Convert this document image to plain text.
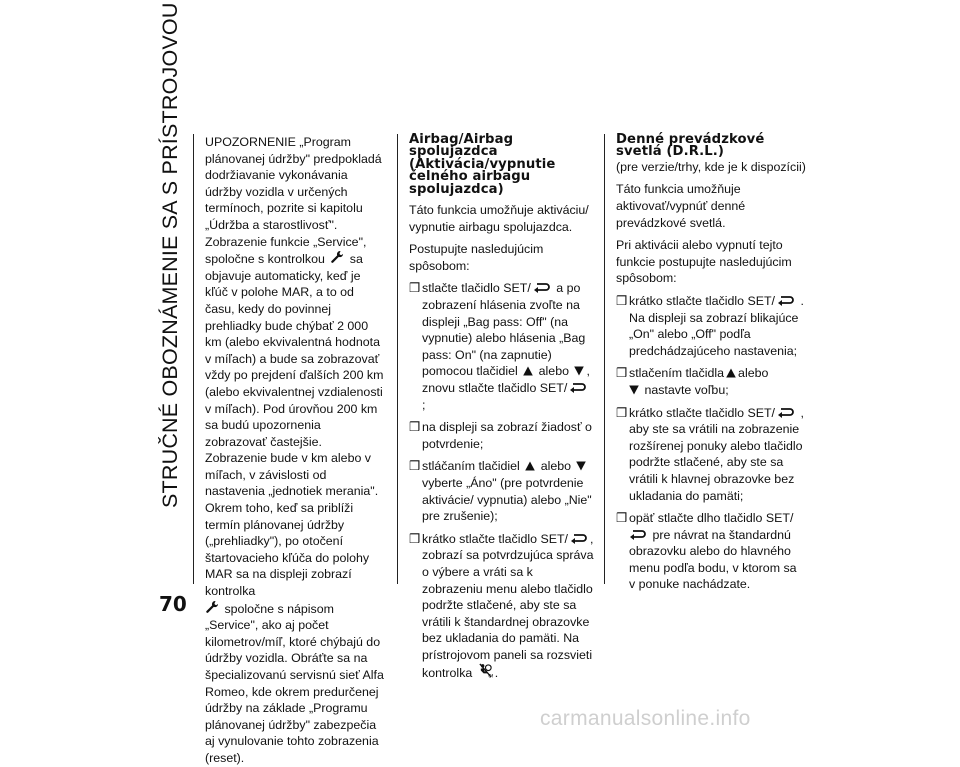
STRUČNÉ OBOZNÁMENIE SA S PRÍSTROJOVOU
70

UPOZORNENIE „Program plánovanej údržby" predpokladá dodržiavanie vykonávania údržby vozidla v určených termínoch, pozrite si kapitolu „Údržba a starostlivosť". Zobrazenie funkcie „Service", spoločne s kontrolkou sa objavuje automaticky, keď je kľúč v polohe MAR, a to od času, kedy do povinnej prehliadky bude chýbať 2 000 km (alebo ekvivalentná hodnota v míľach) a bude sa zobrazovať vždy po prejdení ďalších 200 km (alebo ekvivalentnej vzdialenosti v míľach). Pod úrovňou 200 km sa budú upozornenia zobrazovať častejšie. Zobrazenie bude v km alebo v míľach, v závislosti od nastavenia „jednotiek merania". Okrem toho, keď sa priblíži termín plánovanej údržby („prehliadky"), po otočení štartovacieho kľúča do polohy MAR sa na displeji zobrazí kontrolka
spoločne s nápisom „Service", ako aj počet kilometrov/míľ, ktoré chýbajú do údržby vozidla. Obráťte sa na špecializovanú servisnú sieť Alfa Romeo, kde okrem predurčenej údržby na základe „Programu plánovanej údržby" zabezpečia aj vynulovanie tohto zobrazenia (reset).

Airbag/Airbag
spolujazdca
(Aktivácia/vypnutie
čelného airbagu
spolujazdca)

Táto funkcia umožňuje aktiváciu/ vypnutie airbagu spolujazdca.

Postupujte nasledujúcim spôsobom:

❒ stlačte tlačidlo SET/ a po zobrazení hlásenia zvoľte na displeji „Bag pass: Off" (na vypnutie) alebo hlásenia „Bag pass: On" (na zapnutie) pomocou tlačidiel alebo , znovu stlačte tlačidlo SET/ ;
❒ na displeji sa zobrazí žiadosť o potvrdenie;
❒ stláčaním tlačidiel alebo  vyberte „Áno" (pre potvrdenie aktivácie/ vypnutia) alebo „Nie" pre zrušenie);
❒ krátko stlačte tlačidlo SET/ , zobrazí sa potvrdzujúca správa o výbere a vráti sa k zobrazeniu menu alebo tlačidlo podržte stlačené, aby ste sa vrátili k štandardnej obrazovke bez ukladania do pamäti. Na prístrojovom paneli sa rozsvieti kontrolka .
Denné prevádzkové
svetlá (D.R.L.)

(pre verzie/trhy, kde je k dispozícii)

Táto funkcia umožňuje aktivovať/vypnúť denné prevádzkové svetlá.

Pri aktivácii alebo vypnutí tejto funkcie postupujte nasledujúcim spôsobom:

❒ krátko stlačte tlačidlo SET/ . Na displeji sa zobrazí blikajúce „On" alebo „Off" podľa predchádzajúceho nastavenia;
❒ stlačením tlačidla alebo
nastavte voľbu;
❒ krátko stlačte tlačidlo SET/ , aby ste sa vrátili na zobrazenie rozšírenej ponuky alebo tlačidlo podržte stlačené, aby ste sa vrátili k hlavnej obrazovke bez ukladania do pamäti;
❒ opäť stlačte dlho tlačidlo SET/
pre návrat na štandardnú obrazovku alebo do hlavného menu podľa bodu, v ktorom sa v ponuke nachádzate.
carmanualsonline.info
